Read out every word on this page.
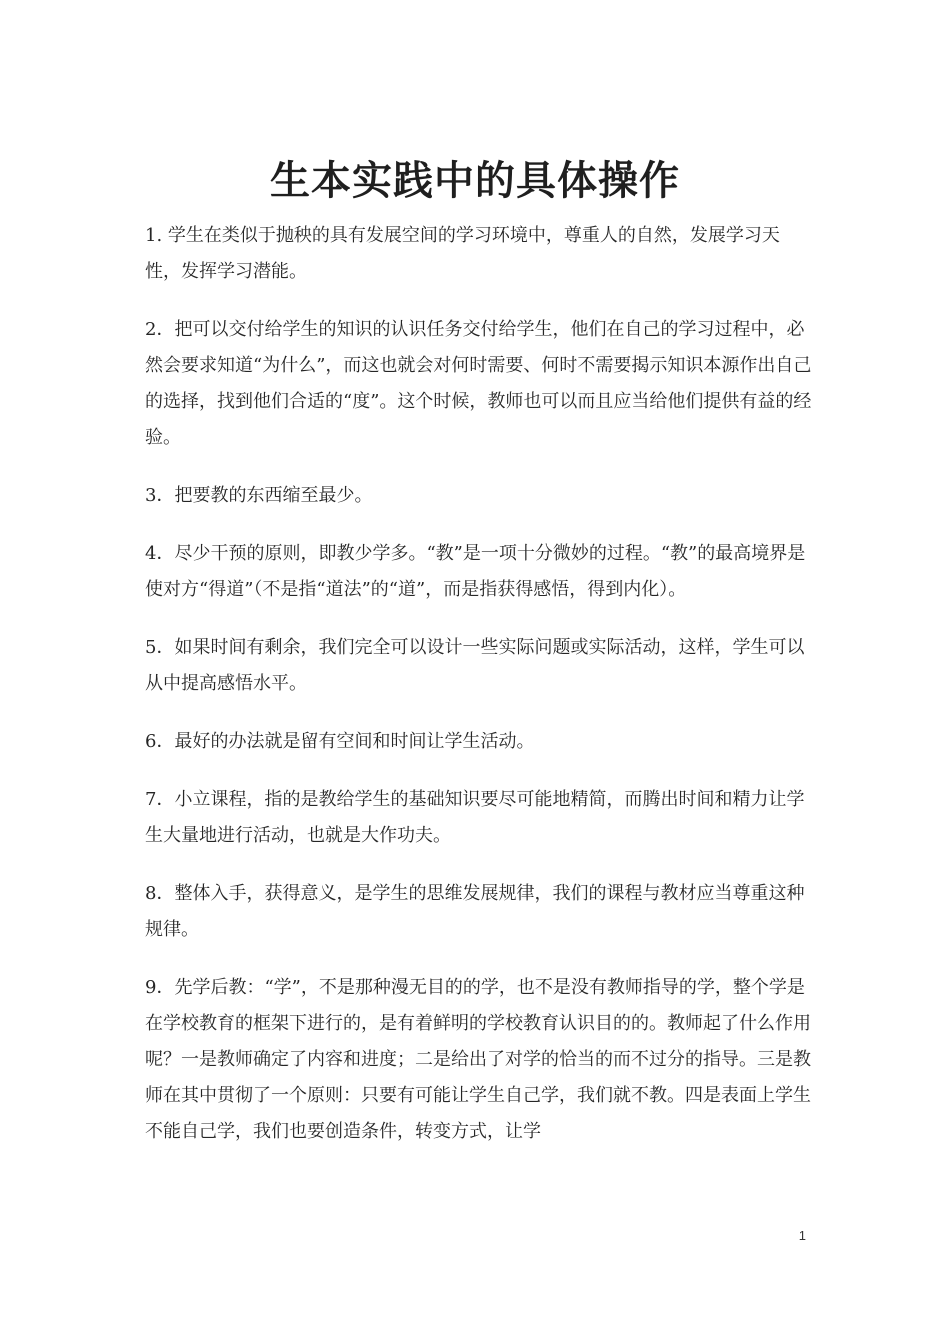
生本实践中的具体操作

1. 学生在类似于抛秧的具有发展空间的学习环境中，尊重人的自然，发展学习天性，发挥学习潜能。

2．把可以交付给学生的知识的认识任务交付给学生，他们在自己的学习过程中，必然会要求知道“为什么”，而这也就会对何时需要、何时不需要揭示知识本源作出自己的选择，找到他们合适的“度”。这个时候，教师也可以而且应当给他们提供有益的经验。

3．把要教的东西缩至最少。

4．尽少干预的原则，即教少学多。“教”是一项十分微妙的过程。“教”的最高境界是使对方“得道”（不是指“道法”的“道”，而是指获得感悟，得到内化）。

5．如果时间有剩余，我们完全可以设计一些实际问题或实际活动，这样，学生可以从中提高感悟水平。

6．最好的办法就是留有空间和时间让学生活动。

7．小立课程，指的是教给学生的基础知识要尽可能地精简，而腾出时间和精力让学生大量地进行活动，也就是大作功夫。

8．整体入手，获得意义，是学生的思维发展规律，我们的课程与教材应当尊重这种规律。

9．先学后教：“学”，不是那种漫无目的的学，也不是没有教师指导的学，整个学是在学校教育的框架下进行的，是有着鲜明的学校教育认识目的的。教师起了什么作用呢？一是教师确定了内容和进度；二是给出了对学的恰当的而不过分的指导。三是教师在其中贯彻了一个原则：只要有可能让学生自己学，我们就不教。四是表面上学生不能自己学，我们也要创造条件，转变方式，让学

1
